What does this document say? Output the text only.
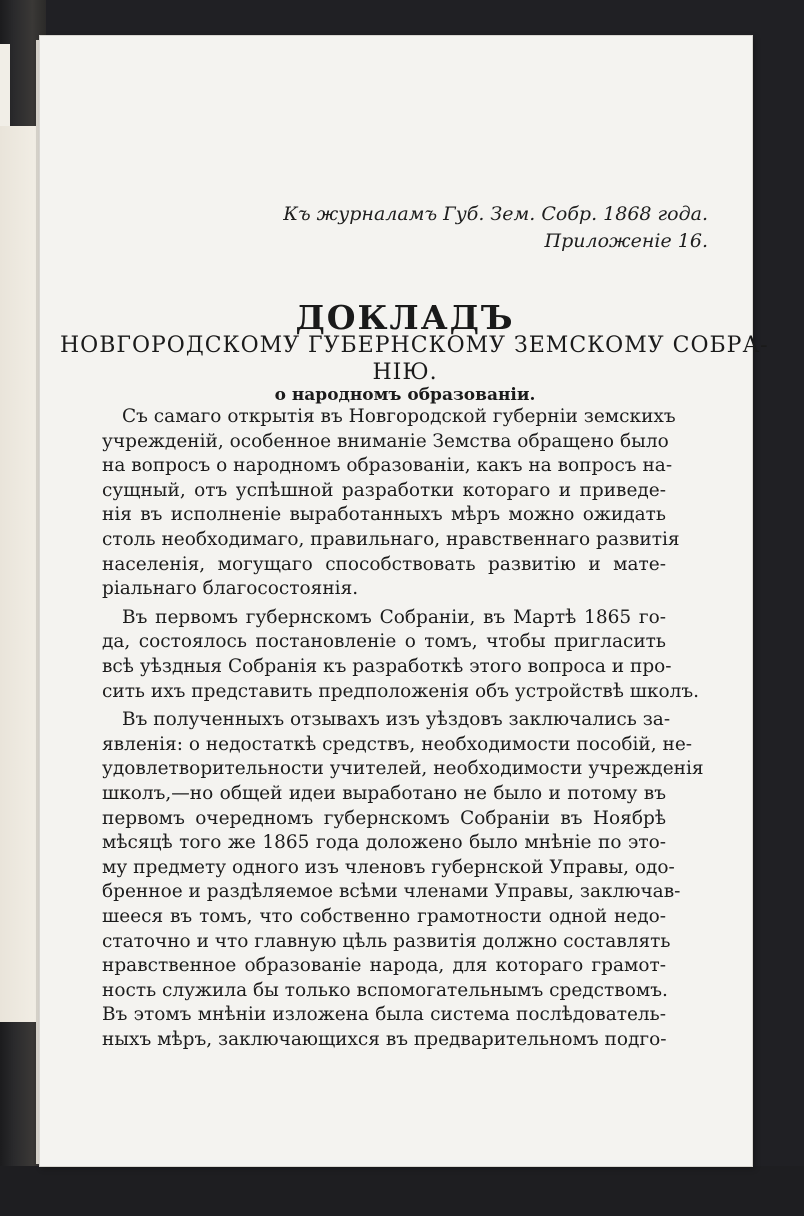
Къ журналамъ Губ. Зем. Собр. 1868 года.
Приложеніе 16.
ДОКЛАДЪ
НОВГОРОДСКОМУ ГУБЕРНСКОМУ ЗЕМСКОМУ СОБРА-
НІЮ.
о народномъ образованіи.
Съ самаго открытія въ Новгородской губерніи земскихъ
учрежденій, особенное вниманіе Земства обращено было
на вопросъ о народномъ образованіи, какъ на вопросъ на-
сущный, отъ успѣшной разработки котораго и приведе-
нія въ исполненіе выработанныхъ мѣръ можно ожидать
столь необходимаго, правильнаго, нравственнаго развитія
населенія, могущаго способствовать развитію и мате-
ріальнаго благосостоянія.
Въ первомъ губернскомъ Собраніи, въ Мартѣ 1865 го-
да, состоялось постановленіе о томъ, чтобы пригласить
всѣ уѣздныя Собранія къ разработкѣ этого вопроса и про-
сить ихъ представить предположенія объ устройствѣ школъ.
Въ полученныхъ отзывахъ изъ уѣздовъ заключались за-
явленія: о недостаткѣ средствъ, необходимости пособій, не-
удовлетворительности учителей, необходимости учрежденія
школъ,—но общей идеи выработано не было и потому въ
первомъ очередномъ губернскомъ Собраніи въ Ноябрѣ
мѣсяцѣ того же 1865 года доложено было мнѣніе по это-
му предмету одного изъ членовъ губернской Управы, одо-
бренное и раздѣляемое всѣми членами Управы, заключав-
шееся въ томъ, что собственно грамотности одной недо-
статочно и что главную цѣль развитія должно составлять
нравственное образованіе народа, для котораго грамот-
ность служила бы только вспомогательнымъ средствомъ.
Въ этомъ мнѣніи изложена была система послѣдователь-
ныхъ мѣръ, заключающихся въ предварительномъ подго-
